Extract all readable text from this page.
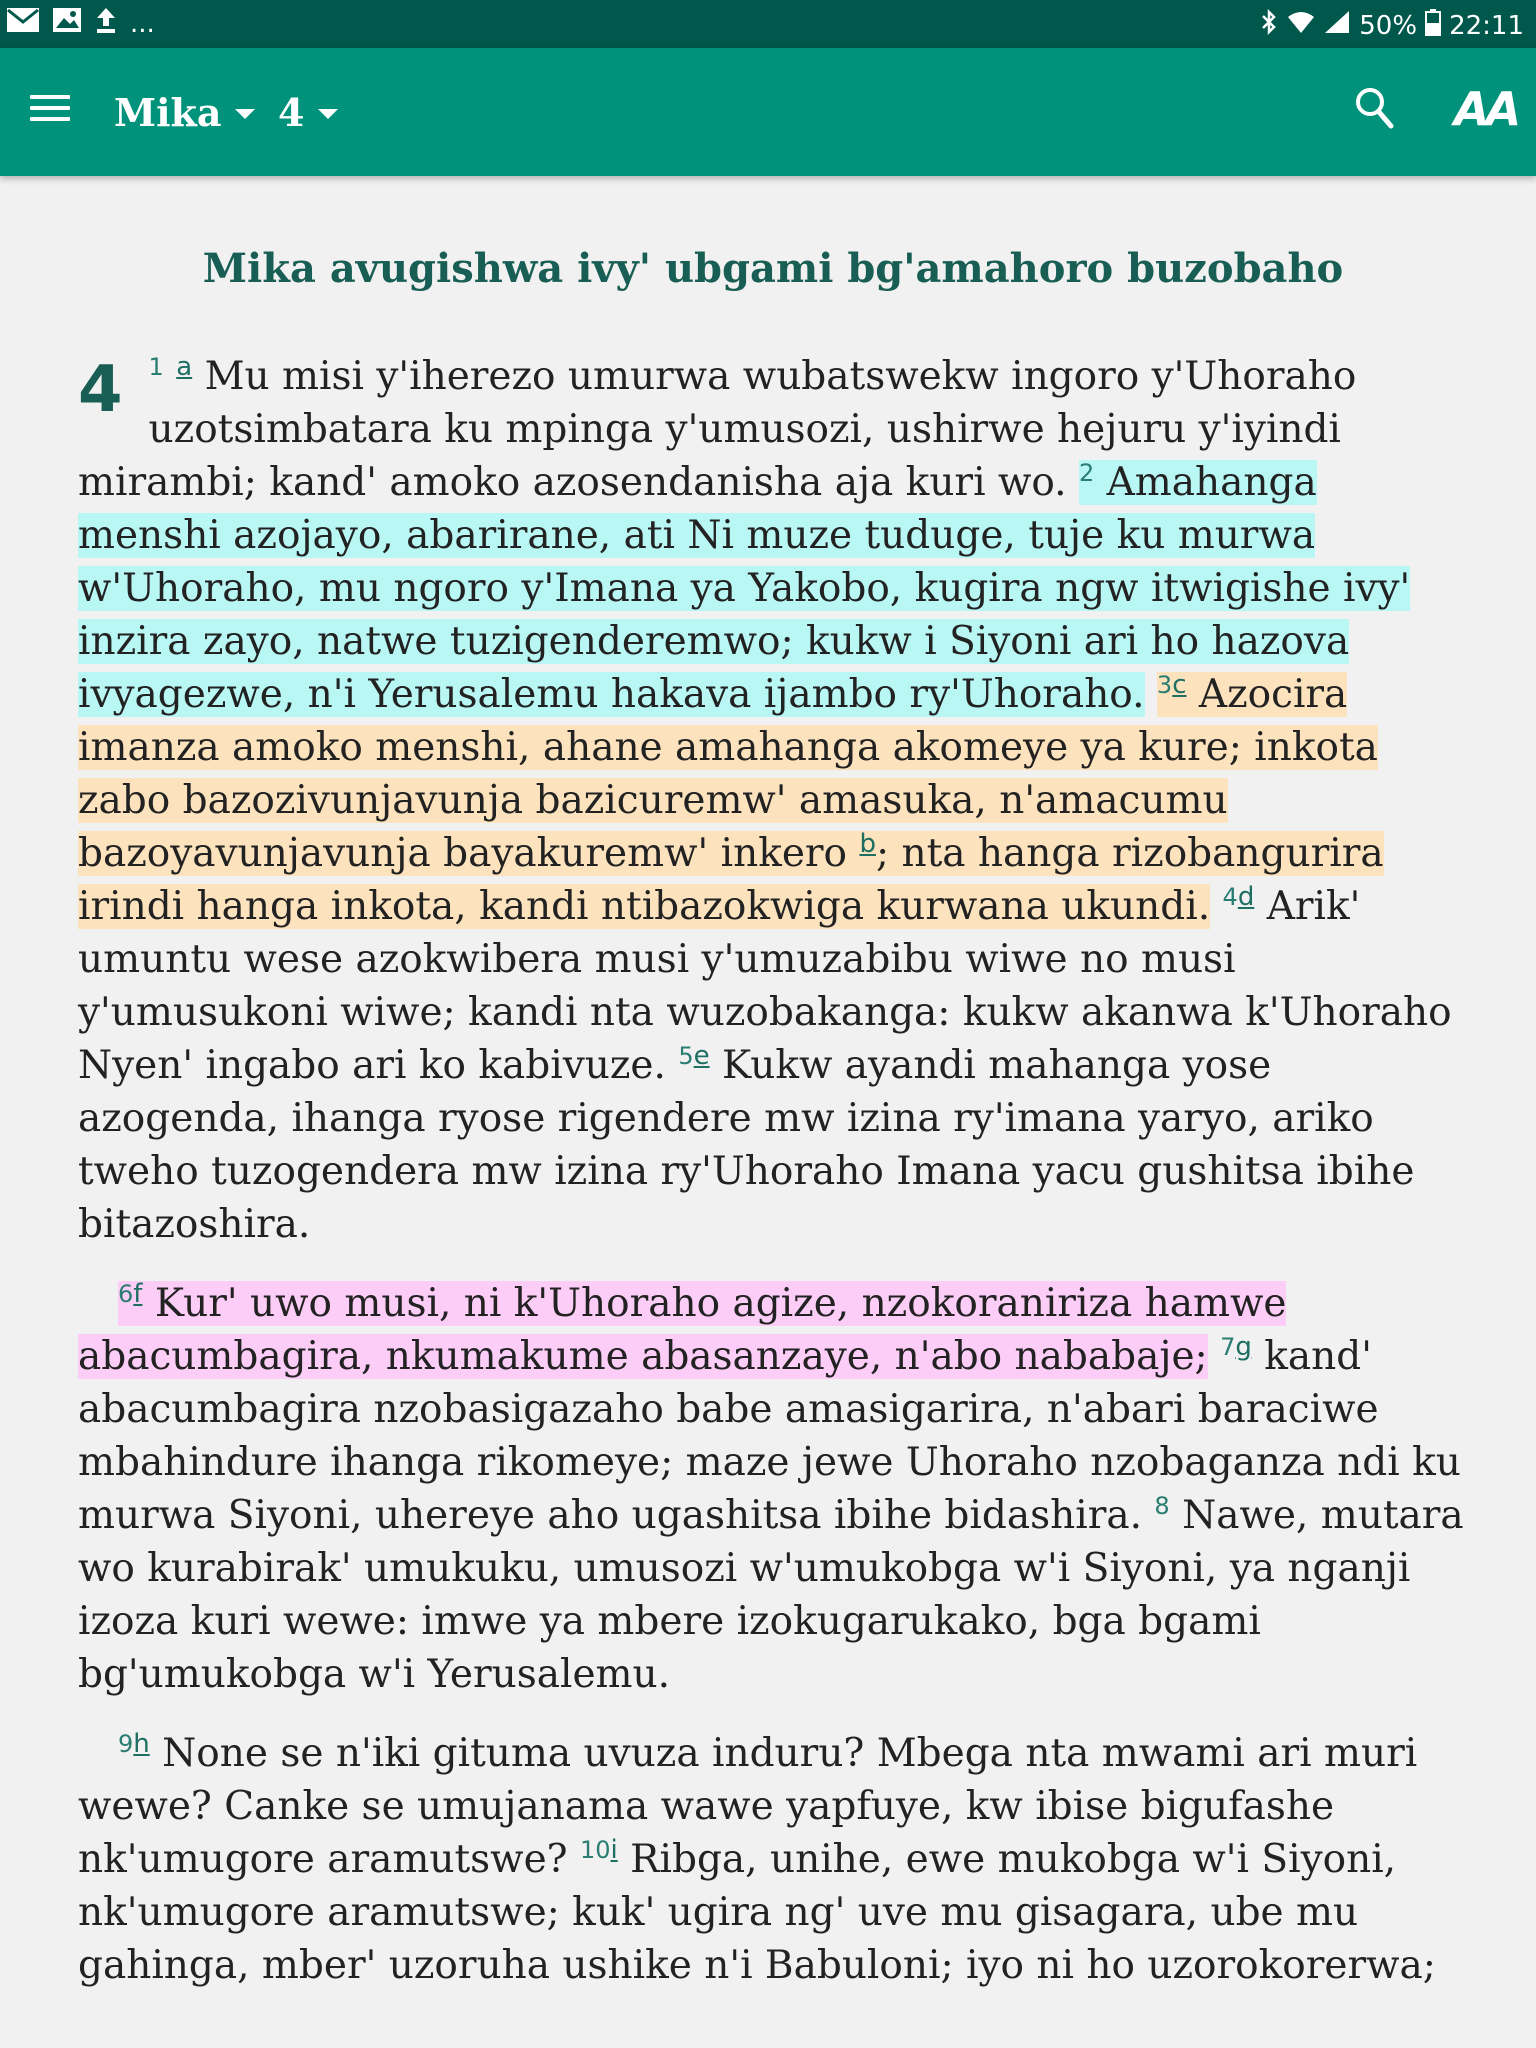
...	50% 22:11
Mika 4	AA
Mika avugishwa ivy' ubgami bg'amahoro buzobaho

4 $^1$ $^a$ Mu misi y'iherezo umurwa wubatswekw ingoro y'Uhoraho uzotsimbatara ku mpinga y'umusozi, ushirwe hejuru y'iyindi mirambi; kand' amoko azosendanisha aja kuri wo. $^2$ Amahanga menshi azojayo, abarirane, ati Ni muze tuduge, tuje ku murwa w'Uhoraho, mu ngoro y'Imana ya Yakobo, kugira ngw itwigishe ivy' inzira zayo, natwe tuzigenderemwo; kukw i Siyoni ari ho hazova ivyagezwe, n'i Yerusalemu hakava ijambo ry'Uhoraho. $^{3c}$ Azocira imanza amoko menshi, ahane amahanga akomeye ya kure; inkota zabo bazozivunjavunja bazicuremw' amasuka, n'amacumu bazoyavunjavunja bayakuremw' inkero $^b$; nta hanga rizobangurira irindi hanga inkota, kandi ntibazokwiga kurwana ukundi. $^{4d}$ Arik' umuntu wese azokwibera musi y'umuzabibu wiwe no musi y'umusukoni wiwe; kandi nta wuzobakanga: kukw akanwa k'Uhoraho Nyen' ingabo ari ko kabivuze. $^{5e}$ Kukw ayandi mahanga yose azogenda, ihanga ryose rigendere mw izina ry'imana yaryo, ariko tweho tuzogendera mw izina ry'Uhoraho Imana yacu gushitsa ibihe bitazoshira.

$^{6f}$ Kur' uwo musi, ni k'Uhoraho agize, nzokoraniriza hamwe abacumbagira, nkumakume abasanzaye, n'abo nababaje; $^{7g}$ kand' abacumbagira nzobasigazaho babe amasigarira, n'abari baraciwe mbahindure ihanga rikomeye; maze jewe Uhoraho nzobaganza ndi ku murwa Siyoni, uhereye aho ugashitsa ibihe bidashira. $^8$ Nawe, mutara wo kurabirak' umukuku, umusozi w'umukobga w'i Siyoni, ya nganji izoza kuri wewe: imwe ya mbere izokugarukako, bga bgami bg'umukobga w'i Yerusalemu.

$^{9h}$ None se n'iki gituma uvuza induru? Mbega nta mwami ari muri wewe? Canke se umujanama wawe yapfuye, kw ibise bigufashe nk'umugore aramutswe? $^{10i}$ Ribga, unihe, ewe mukobga w'i Siyoni, nk'umugore aramutswe; kuk' ugira ng' uve mu gisagara, ube mu gahinga, mber' uzoruha ushike n'i Babuloni; iyo ni ho uzorokorerwa;
